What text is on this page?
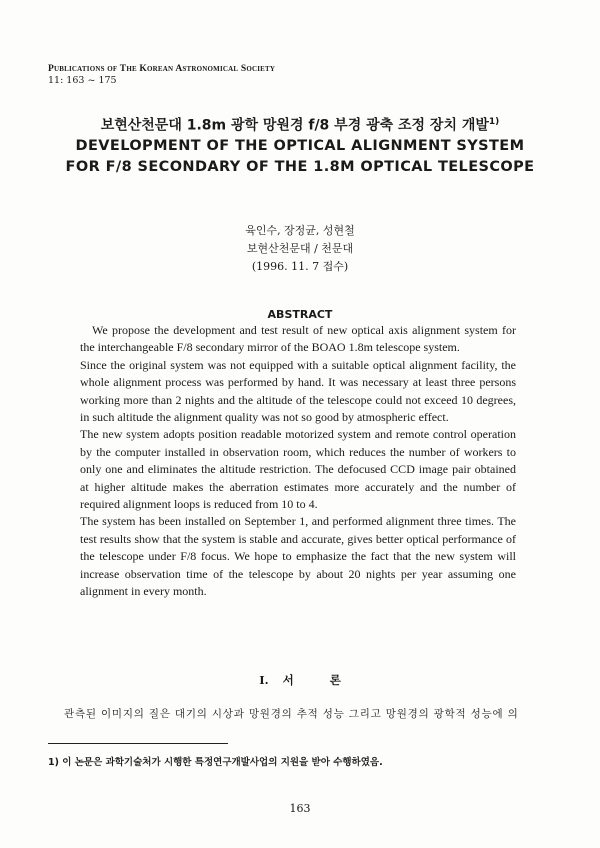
Publications of The Korean Astronomical Society
11: 163 ~ 175
보현산천문대 1.8m 광학 망원경 f/8 부경 광축 조정 장치 개발$^{1)}$
DEVELOPMENT OF THE OPTICAL ALIGNMENT SYSTEM
FOR F/8 SECONDARY OF THE 1.8M OPTICAL TELESCOPE
육인수, 장정균, 성현철
보현산천문대 / 천문대
(1996. 11. 7 접수)
ABSTRACT

We propose the development and test result of new optical axis alignment system for the interchangeable F/8 secondary mirror of the BOAO 1.8m telescope system.

Since the original system was not equipped with a suitable optical alignment facility, the whole alignment process was performed by hand. It was necessary at least three persons working more than 2 nights and the altitude of the telescope could not exceed 10 degrees, in such altitude the alignment quality was not so good by atmospheric effect.

The new system adopts position readable motorized system and remote control operation by the computer installed in observation room, which reduces the number of workers to only one and eliminates the altitude restriction. The defocused CCD image pair obtained at higher altitude makes the aberration estimates more accurately and the number of required alignment loops is reduced from 10 to 4.

The system has been installed on September 1, and performed alignment three times. The test results show that the system is stable and accurate, gives better optical performance of the telescope under F/8 focus. We hope to emphasize the fact that the new system will increase observation time of the telescope by about 20 nights per year assuming one alignment in every month.

I. 서	론
관측된 이미지의 질은 대기의 시상과 망원경의 추적 성능 그리고 망원경의 광학적 성능에 의
1) 이 논문은 과학기술처가 시행한 특정연구개발사업의 지원을 받아 수행하였음.
163
